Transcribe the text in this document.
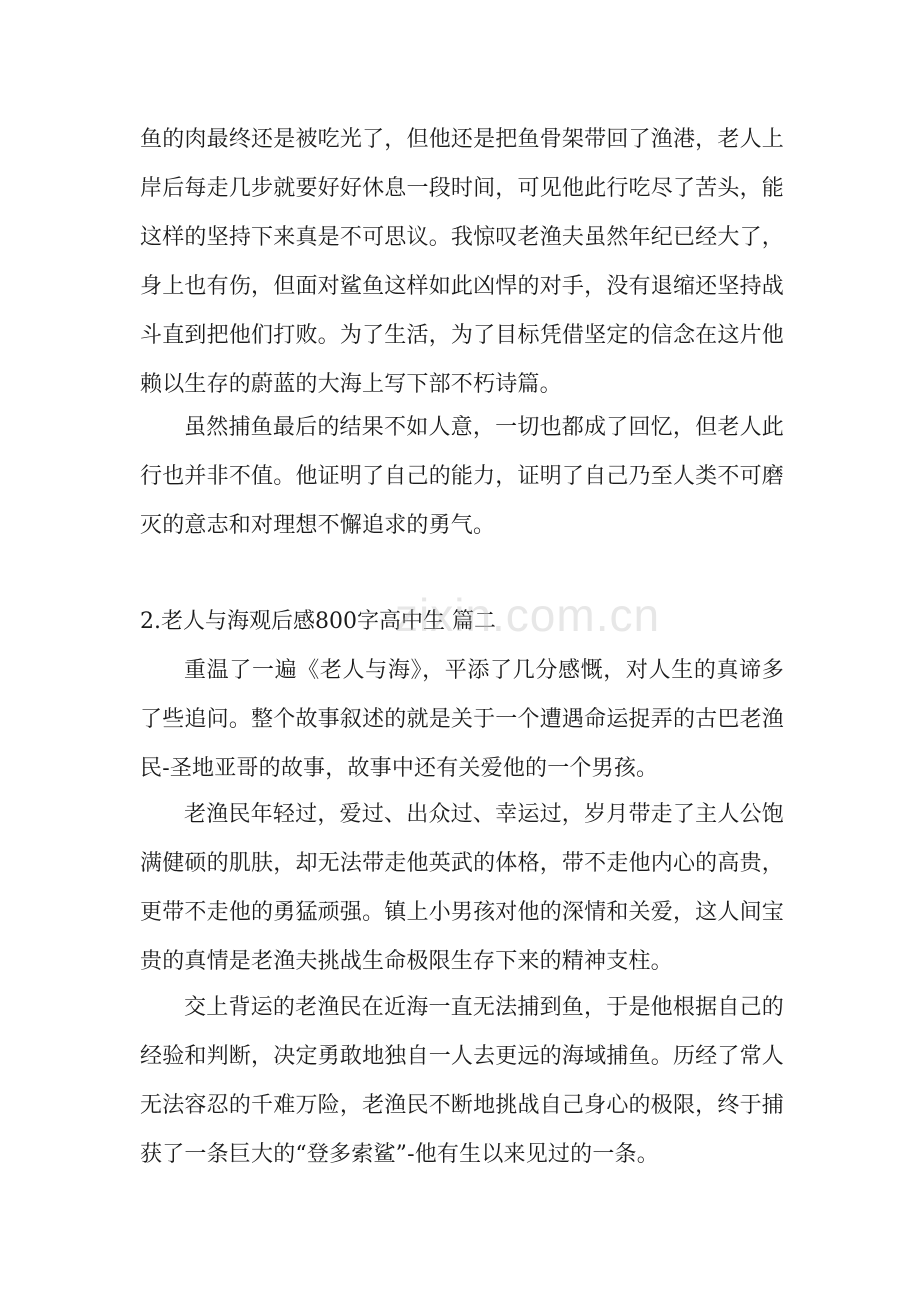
鱼的肉最终还是被吃光了，但他还是把鱼骨架带回了渔港，老人上岸后每走几步就要好好休息一段时间，可见他此行吃尽了苦头，能这样的坚持下来真是不可思议。我惊叹老渔夫虽然年纪已经大了，身上也有伤，但面对鲨鱼这样如此凶悍的对手，没有退缩还坚持战斗直到把他们打败。为了生活，为了目标凭借坚定的信念在这片他赖以生存的蔚蓝的大海上写下部不朽诗篇。

虽然捕鱼最后的结果不如人意，一切也都成了回忆，但老人此行也并非不值。他证明了自己的能力，证明了自己乃至人类不可磨灭的意志和对理想不懈追求的勇气。

2.老人与海观后感800字高中生 篇二

重温了一遍《老人与海》，平添了几分感慨，对人生的真谛多了些追问。整个故事叙述的就是关于一个遭遇命运捉弄的古巴老渔民-圣地亚哥的故事，故事中还有关爱他的一个男孩。

老渔民年轻过，爱过、出众过、幸运过，岁月带走了主人公饱满健硕的肌肤，却无法带走他英武的体格，带不走他内心的高贵，更带不走他的勇猛顽强。镇上小男孩对他的深情和关爱，这人间宝贵的真情是老渔夫挑战生命极限生存下来的精神支柱。

交上背运的老渔民在近海一直无法捕到鱼，于是他根据自己的经验和判断，决定勇敢地独自一人去更远的海域捕鱼。历经了常人无法容忍的千难万险，老渔民不断地挑战自己身心的极限，终于捕获了一条巨大的“登多索鲨”-他有生以来见过的一条。

zixin.com.cn
